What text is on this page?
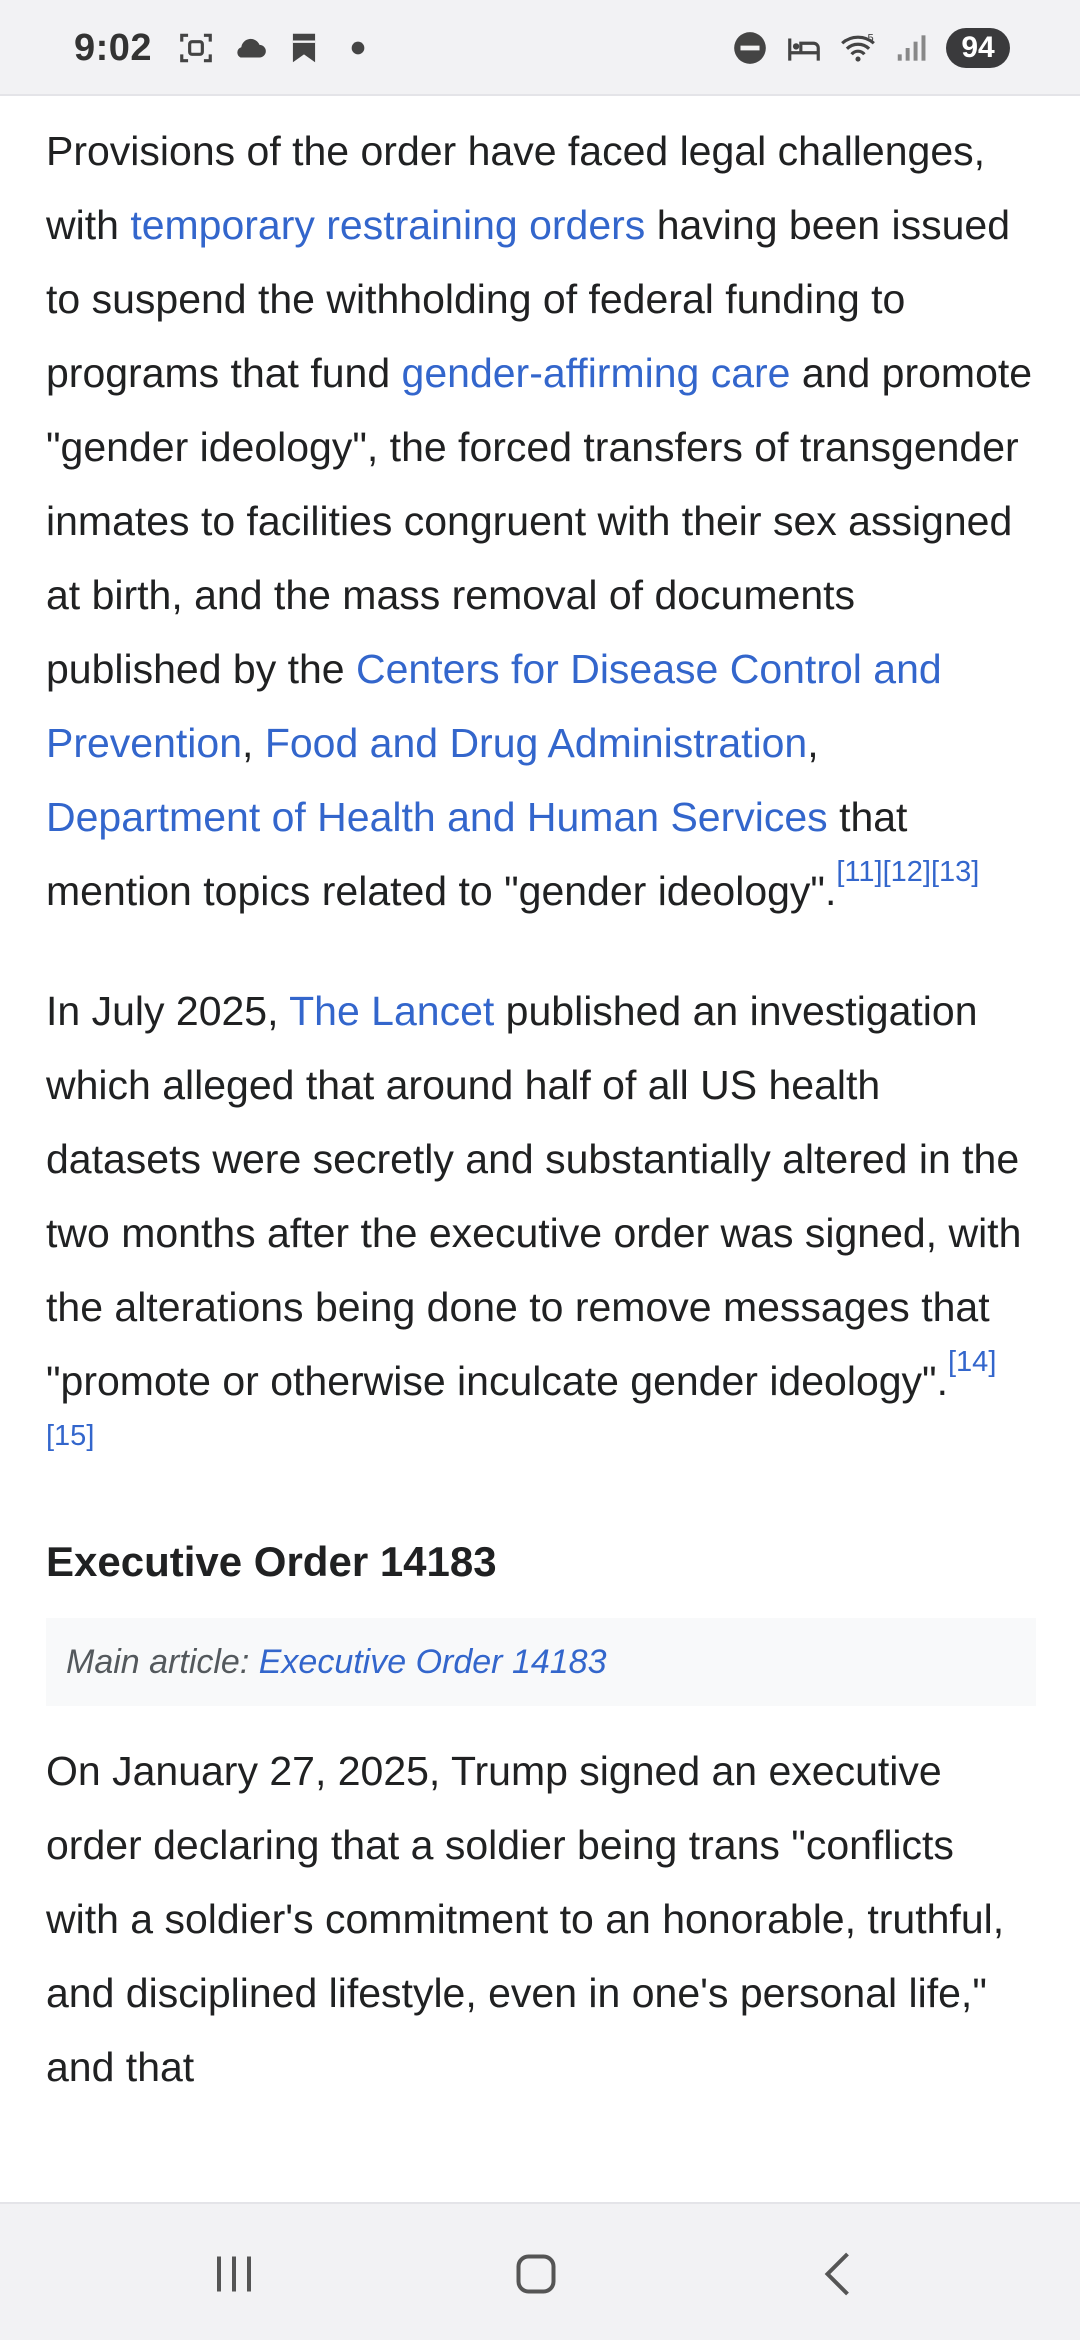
9:02	5	94

Provisions of the order have faced legal challenges, with temporary restraining orders having been issued to suspend the withholding of federal funding to programs that fund gender-affirming care and promote "gender ideology", the forced transfers of transgender inmates to facilities congruent with their sex assigned at birth, and the mass removal of documents published by the Centers for Disease Control and Prevention, Food and Drug Administration, Department of Health and Human Services that mention topics related to "gender ideology".[11][12][13]

In July 2025, The Lancet published an investigation which alleged that around half of all US health datasets were secretly and substantially altered in the two months after the executive order was signed, with the alterations being done to remove messages that "promote or otherwise inculcate gender ideology".[14][15]

Executive Order 14183
Main article: Executive Order 14183

On January 27, 2025, Trump signed an executive order declaring that a soldier being trans "conflicts with a soldier's commitment to an honorable, truthful, and disciplined lifestyle, even in one's personal life," and that
